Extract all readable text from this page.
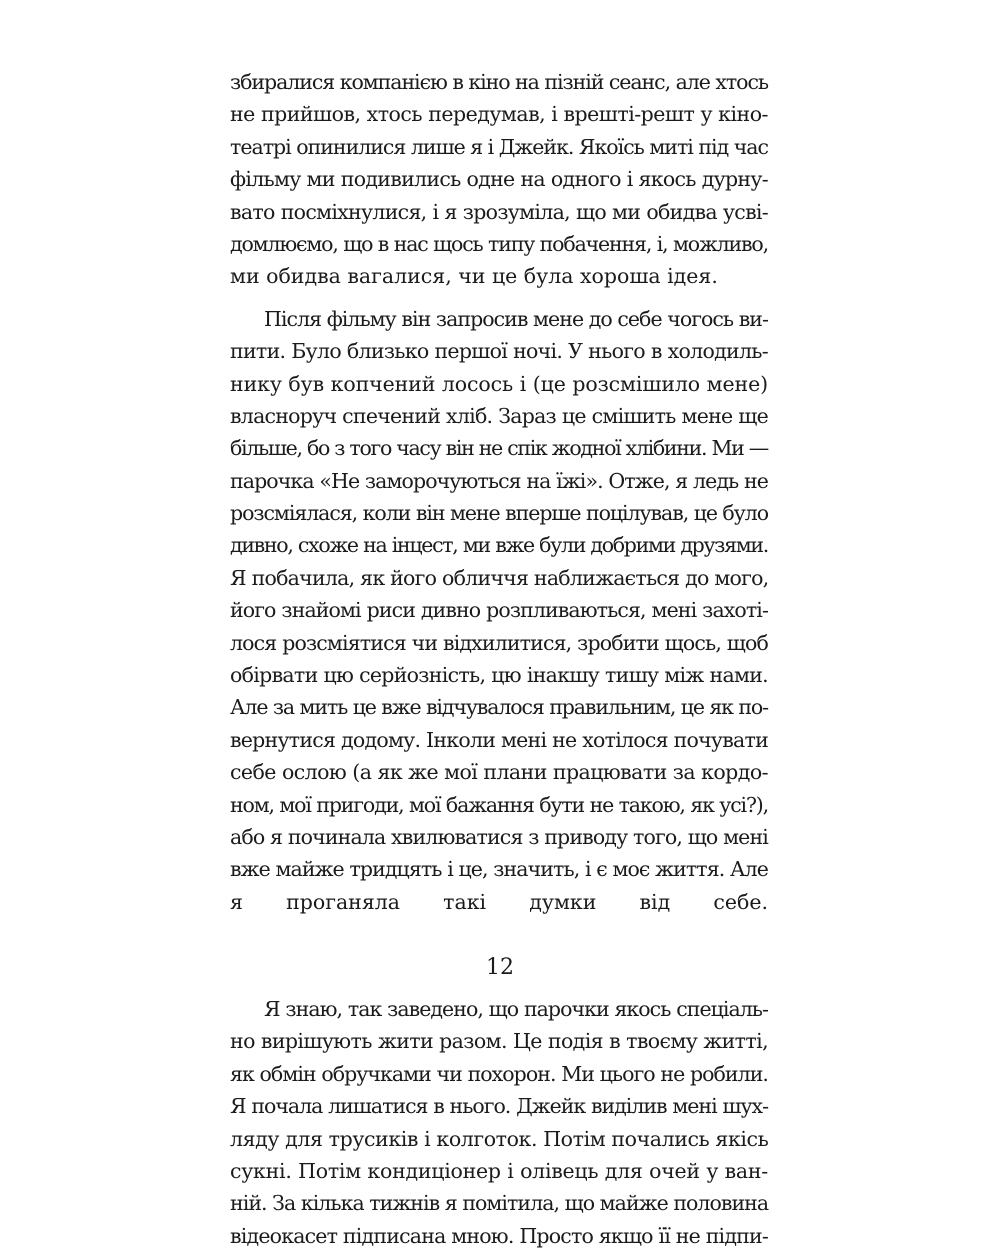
збиралися компанією в кіно на пізній сеанс, але хтось
не прийшов, хтось передумав, і врешті-решт у кіно-
театрі опинилися лише я і Джейк. Якоїсь миті під час
фільму ми подивились одне на одного і якось дурну-
вато посміхнулися, і я зрозуміла, що ми обидва усві-
домлюємо, що в нас щось типу побачення, і, можливо,
ми обидва вагалися, чи це була хороша ідея.
Після фільму він запросив мене до себе чогось ви-
пити. Було близько першої ночі. У нього в холодиль-
нику був копчений лосось і (це розсмішило мене)
власноруч спечений хліб. Зараз це смішить мене ще
більше, бо з того часу він не спік жодної хлібини. Ми —
парочка «Не заморочуються на їжі». Отже, я ледь не
розсміялася, коли він мене вперше поцілував, це було
дивно, схоже на інцест, ми вже були добрими друзями.
Я побачила, як його обличчя наближається до мого,
його знайомі риси дивно розпливаються, мені захоті-
лося розсміятися чи відхилитися, зробити щось, щоб
обірвати цю серйозність, цю інакшу тишу між нами.
Але за мить це вже відчувалося правильним, це як по-
вернутися додому. Інколи мені не хотілося почувати
себе ослою (а як же мої плани працювати за кордо-
ном, мої пригоди, мої бажання бути не такою, як усі?),
або я починала хвилюватися з приводу того, що мені
вже майже тридцять і це, значить, і є моє життя. Але
я проганяла такі думки від себе.
Я знаю, так заведено, що парочки якось спеціаль-
но вирішують жити разом. Це подія в твоєму житті,
як обмін обручками чи похорон. Ми цього не робили.
Я почала лишатися в нього. Джейк виділив мені шух-
ляду для трусиків і колготок. Потім почались якісь
сукні. Потім кондиціонер і олівець для очей у ван-
ній. За кілька тижнів я помітила, що майже половина
відеокасет підписана мною. Просто якщо її не підпи-
12
